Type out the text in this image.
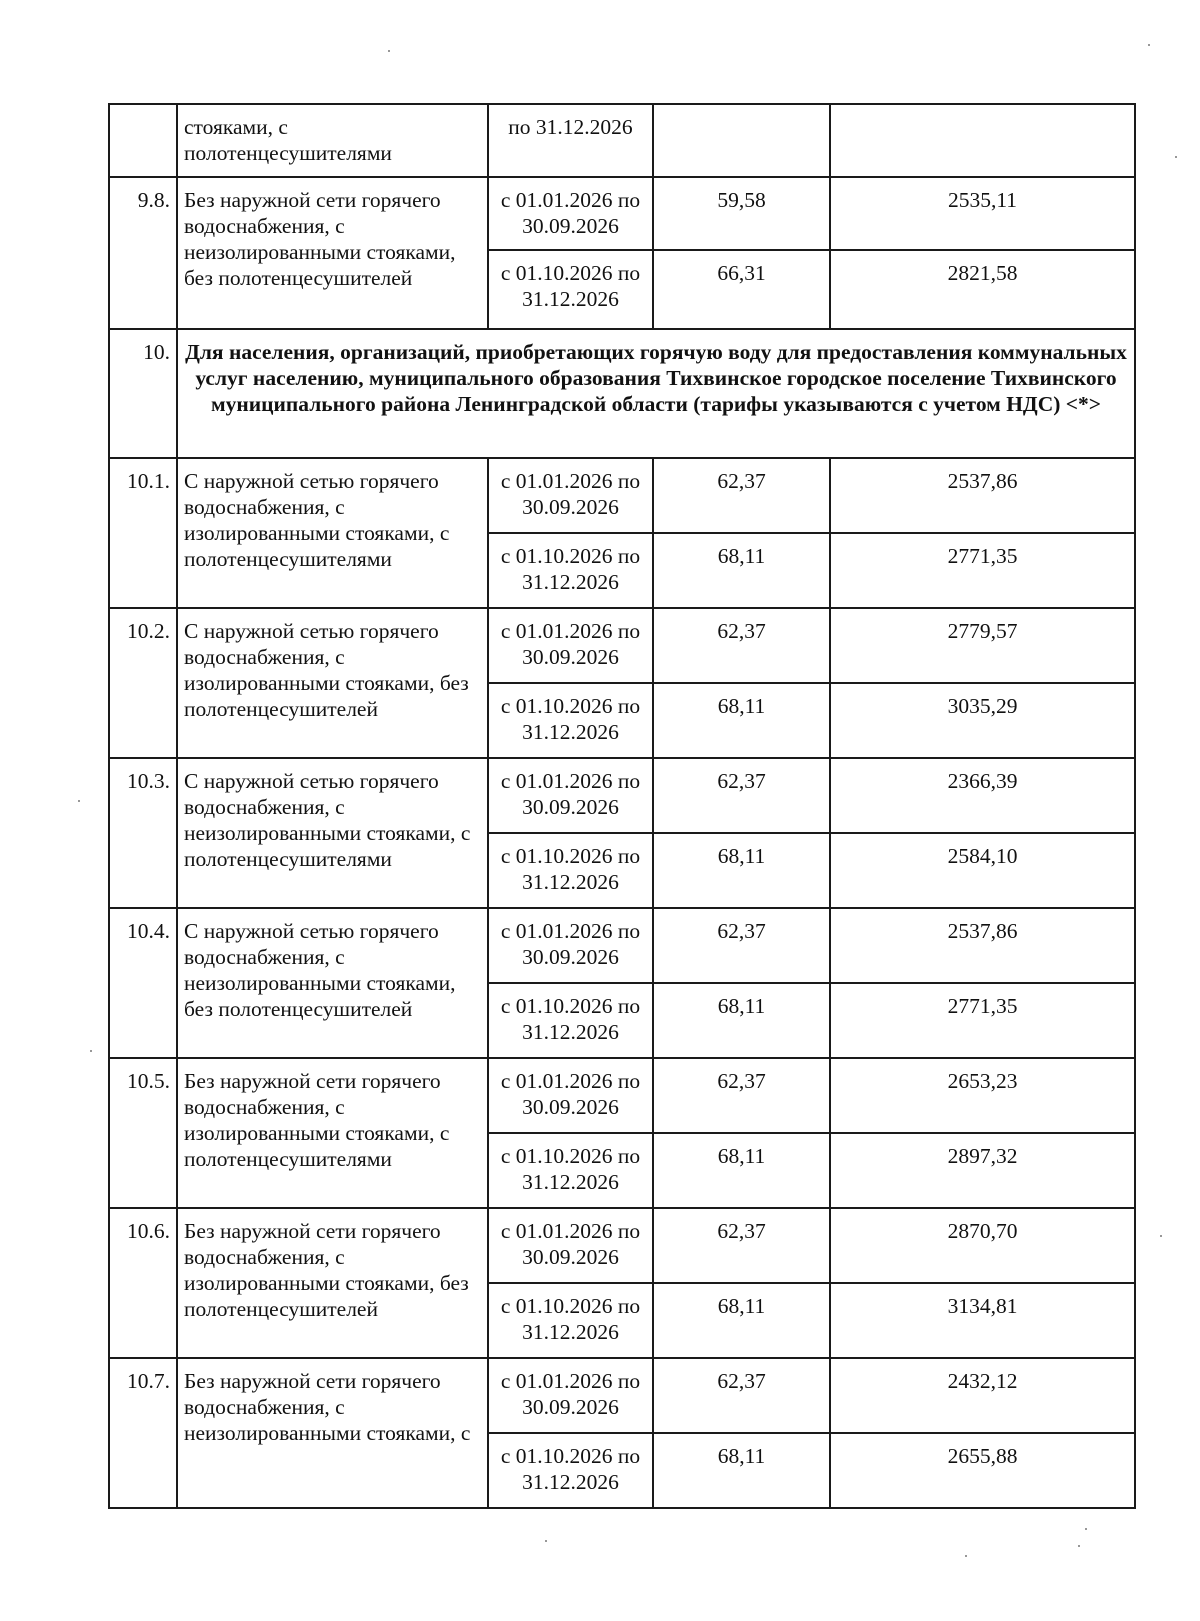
	стояками, с полотенцесушителями	по 31.12.2026		
9.8.	Без наружной сети горячего водоснабжения, с неизолированными стояками, без полотенцесушителей	с 01.01.2026 по 30.09.2026	59,58	2535,11
		с 01.10.2026 по 31.12.2026	66,31	2821,58
10.	Для населения, организаций, приобретающих горячую воду для предоставления коммунальных услуг населению, муниципального образования Тихвинское городское поселение Тихвинского муниципального района Ленинградской области (тарифы указываются с учетом НДС) <*>			
10.1.	С наружной сетью горячего водоснабжения, с изолированными стояками, с полотенцесушителями	с 01.01.2026 по 30.09.2026	62,37	2537,86
		с 01.10.2026 по 31.12.2026	68,11	2771,35
10.2.	С наружной сетью горячего водоснабжения, с изолированными стояками, без полотенцесушителей	с 01.01.2026 по 30.09.2026	62,37	2779,57
		с 01.10.2026 по 31.12.2026	68,11	3035,29
10.3.	С наружной сетью горячего водоснабжения, с неизолированными стояками, с полотенцесушителями	с 01.01.2026 по 30.09.2026	62,37	2366,39
		с 01.10.2026 по 31.12.2026	68,11	2584,10
10.4.	С наружной сетью горячего водоснабжения, с неизолированными стояками, без полотенцесушителей	с 01.01.2026 по 30.09.2026	62,37	2537,86
		с 01.10.2026 по 31.12.2026	68,11	2771,35
10.5.	Без наружной сети горячего водоснабжения, с изолированными стояками, с полотенцесушителями	с 01.01.2026 по 30.09.2026	62,37	2653,23
		с 01.10.2026 по 31.12.2026	68,11	2897,32
10.6.	Без наружной сети горячего водоснабжения, с изолированными стояками, без полотенцесушителей	с 01.01.2026 по 30.09.2026	62,37	2870,70
		с 01.10.2026 по 31.12.2026	68,11	3134,81
10.7.	Без наружной сети горячего водоснабжения, с неизолированными стояками, с	с 01.01.2026 по 30.09.2026	62,37	2432,12
		с 01.10.2026 по 31.12.2026	68,11	2655,88
